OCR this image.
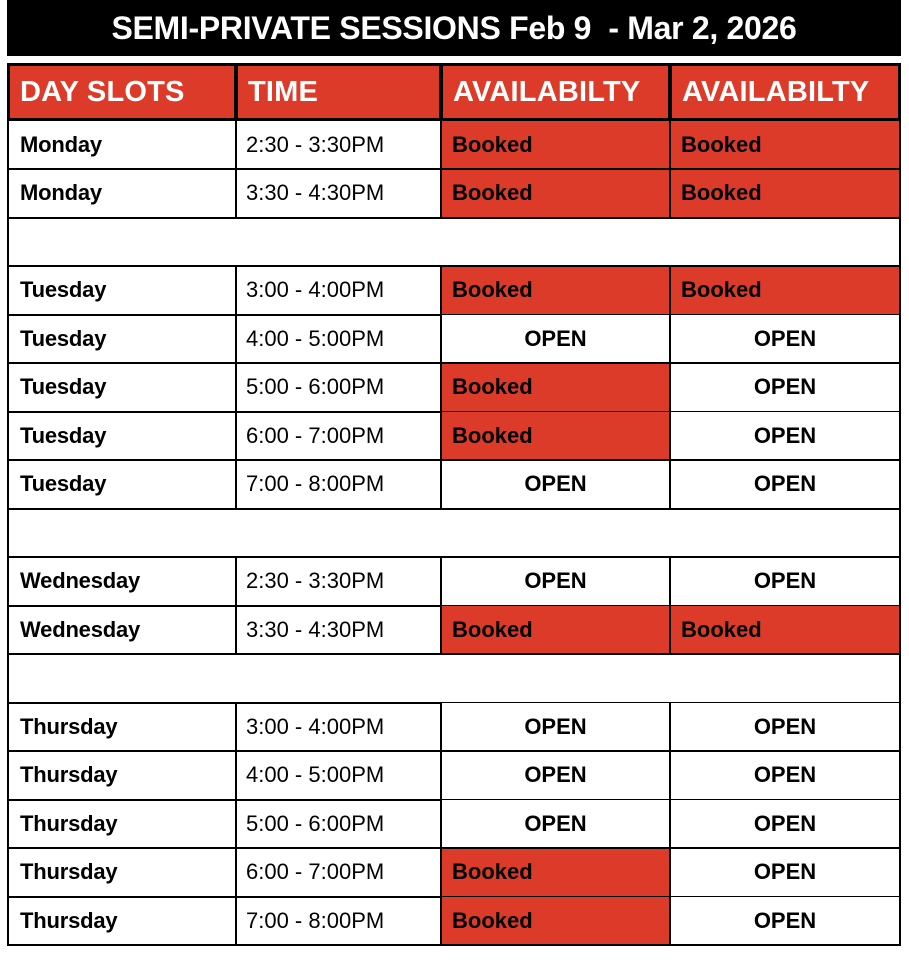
SEMI-PRIVATE SESSIONS Feb 9  - Mar 2, 2026
DAY SLOTS	TIME	AVAILABILTY	AVAILABILTY
Monday	2:30 - 3:30PM	Booked	Booked
Monday	3:30 - 4:30PM	Booked	Booked
Tuesday	3:00 - 4:00PM	Booked	Booked
Tuesday	4:00 - 5:00PM	OPEN	OPEN
Tuesday	5:00 - 6:00PM	Booked	OPEN
Tuesday	6:00 - 7:00PM	Booked	OPEN
Tuesday	7:00 - 8:00PM	OPEN	OPEN
Wednesday	2:30 - 3:30PM	OPEN	OPEN
Wednesday	3:30 - 4:30PM	Booked	Booked
Thursday	3:00 - 4:00PM	OPEN	OPEN
Thursday	4:00 - 5:00PM	OPEN	OPEN
Thursday	5:00 - 6:00PM	OPEN	OPEN
Thursday	6:00 - 7:00PM	Booked	OPEN
Thursday	7:00 - 8:00PM	Booked	OPEN
